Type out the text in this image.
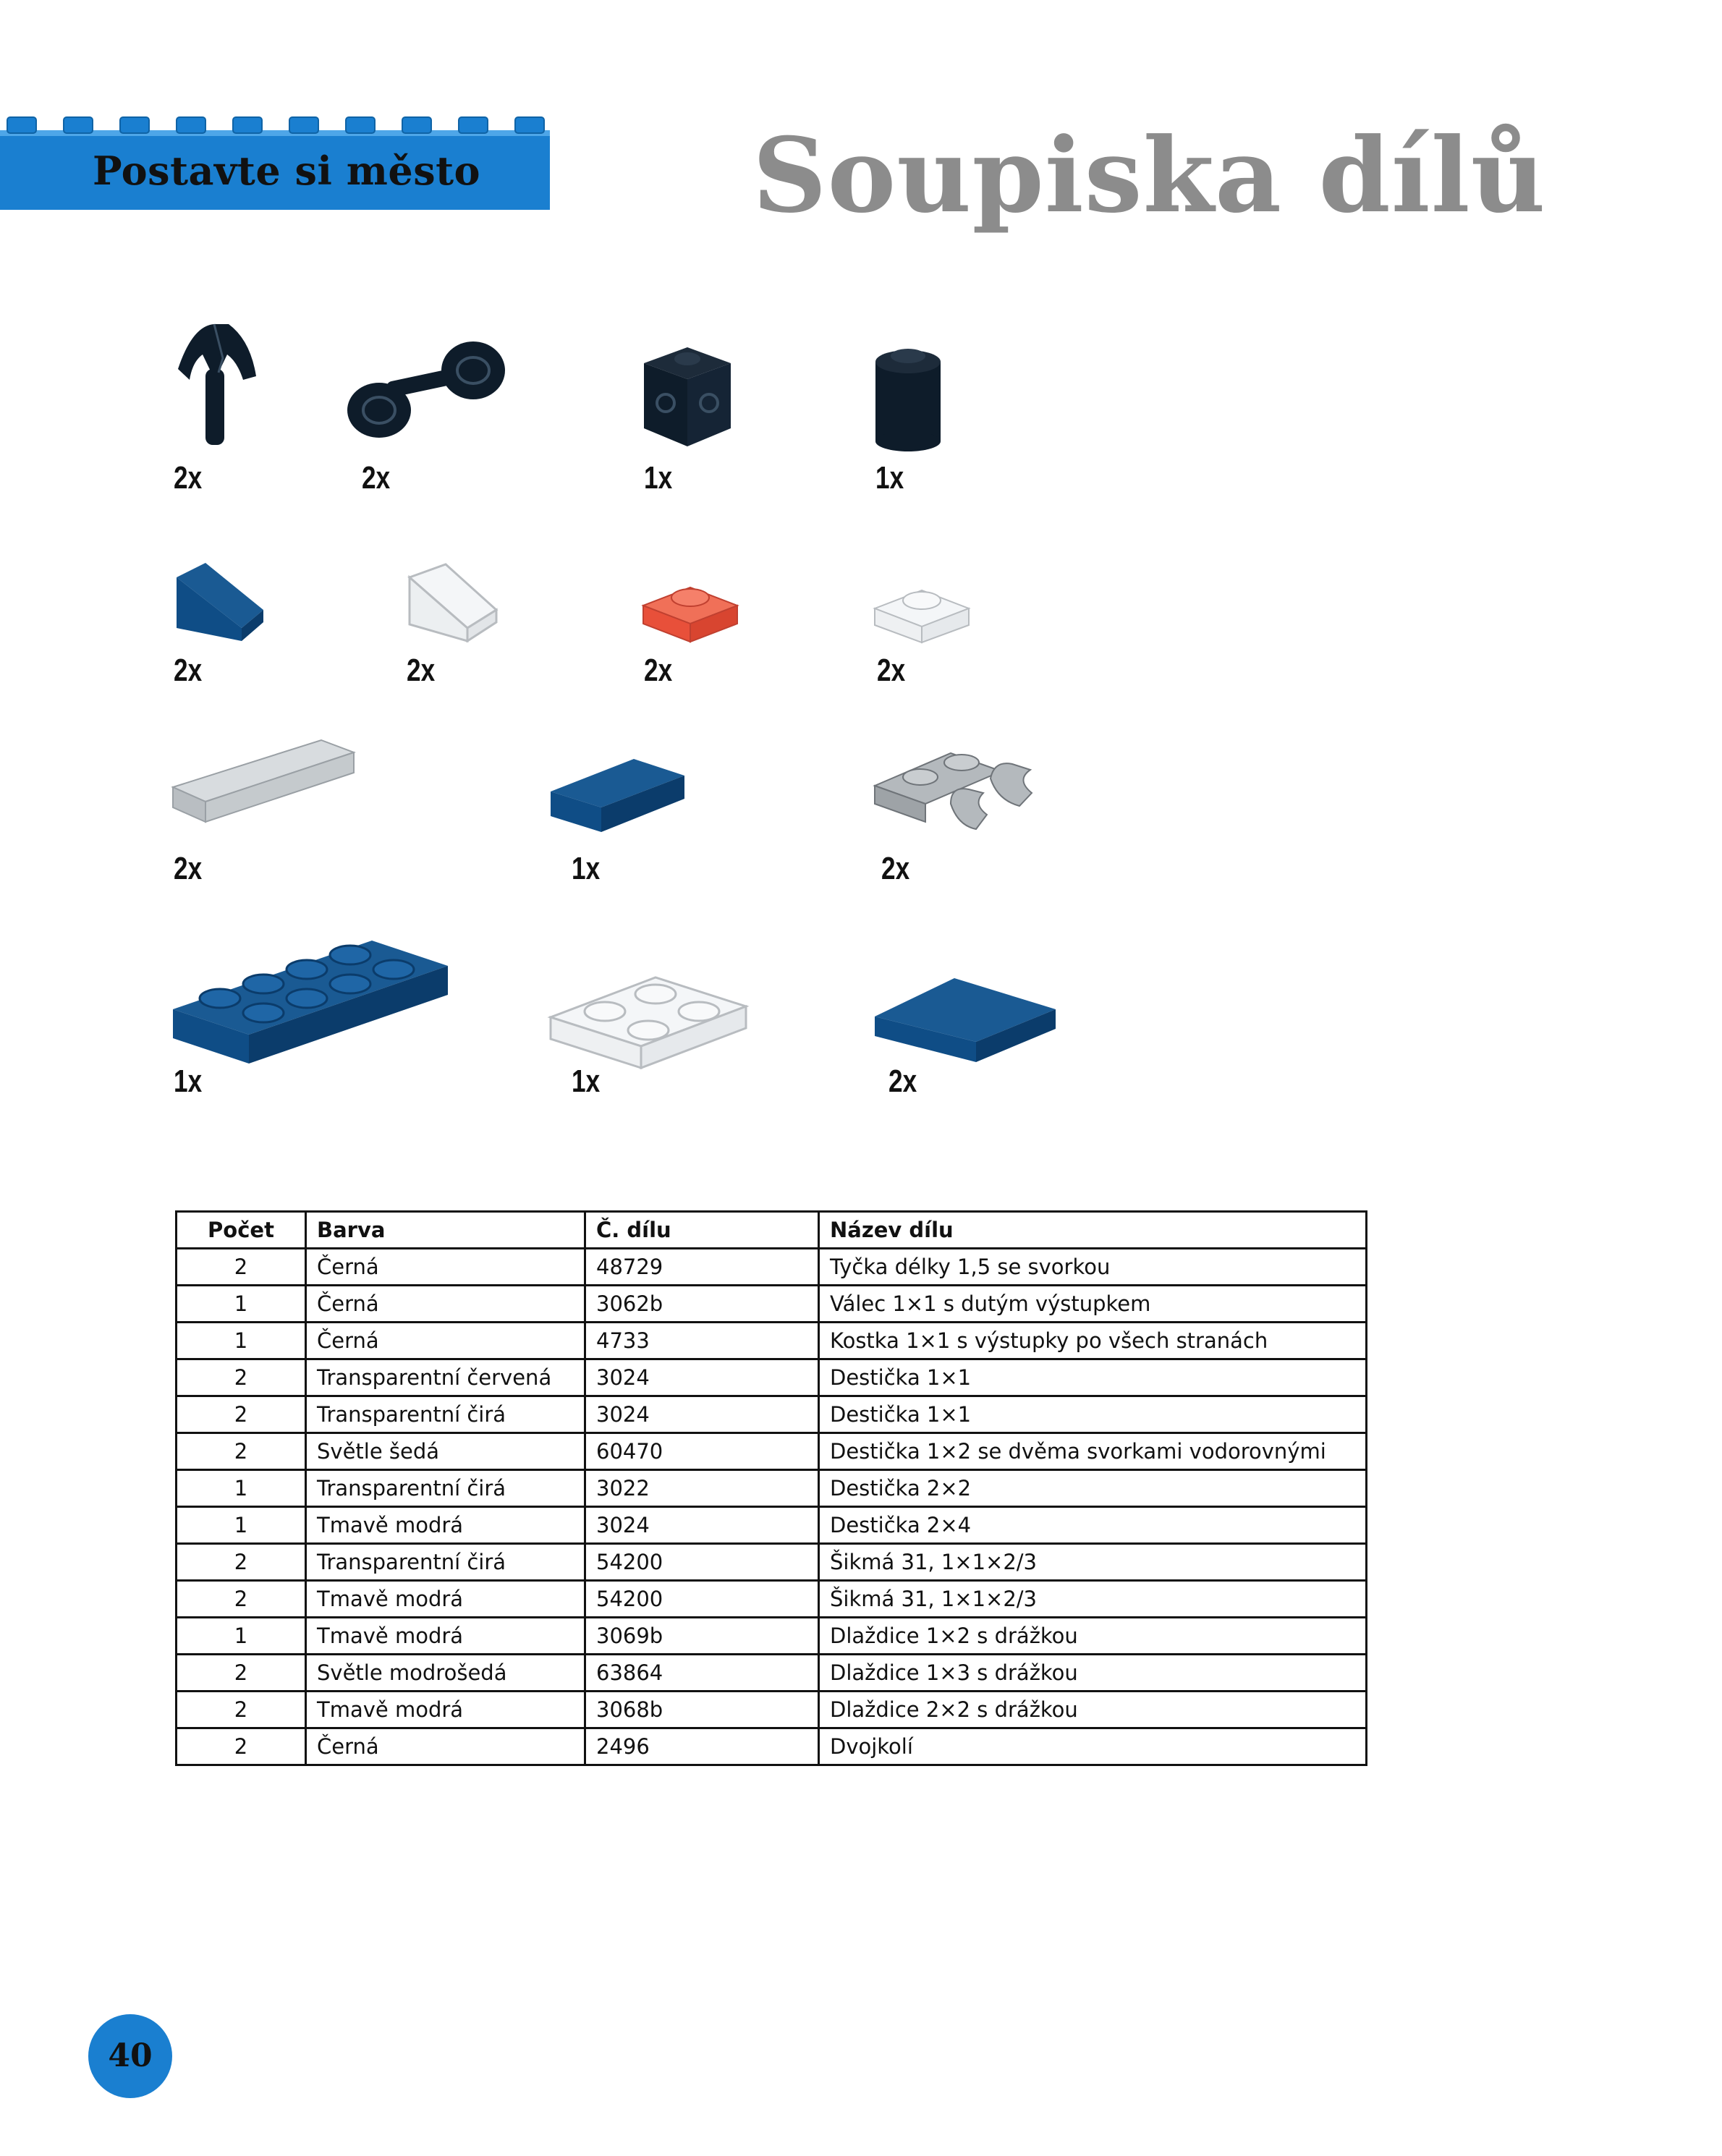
Postavte si město	Soupiska dílů
2x	2x	1x	1x
2x	2x	2x	2x
2x	1x	2x
1x	1x	2x
Počet	Barva	Č. dílu	Název dílu
2	Černá	48729	Tyčka délky 1,5 se svorkou
1	Černá	3062b	Válec 1×1 s dutým výstupkem
1	Černá	4733	Kostka 1×1 s výstupky po všech stranách
2	Transparentní červená	3024	Destička 1×1
2	Transparentní čirá	3024	Destička 1×1
2	Světle šedá	60470	Destička 1×2 se dvěma svorkami vodorovnými
1	Transparentní čirá	3022	Destička 2×2
1	Tmavě modrá	3024	Destička 2×4
2	Transparentní čirá	54200	Šikmá 31, 1×1×2/3
2	Tmavě modrá	54200	Šikmá 31, 1×1×2/3
1	Tmavě modrá	3069b	Dlaždice 1×2 s drážkou
2	Světle modrošedá	63864	Dlaždice 1×3 s drážkou
2	Tmavě modrá	3068b	Dlaždice 2×2 s drážkou
2	Černá	2496	Dvojkolí
40
